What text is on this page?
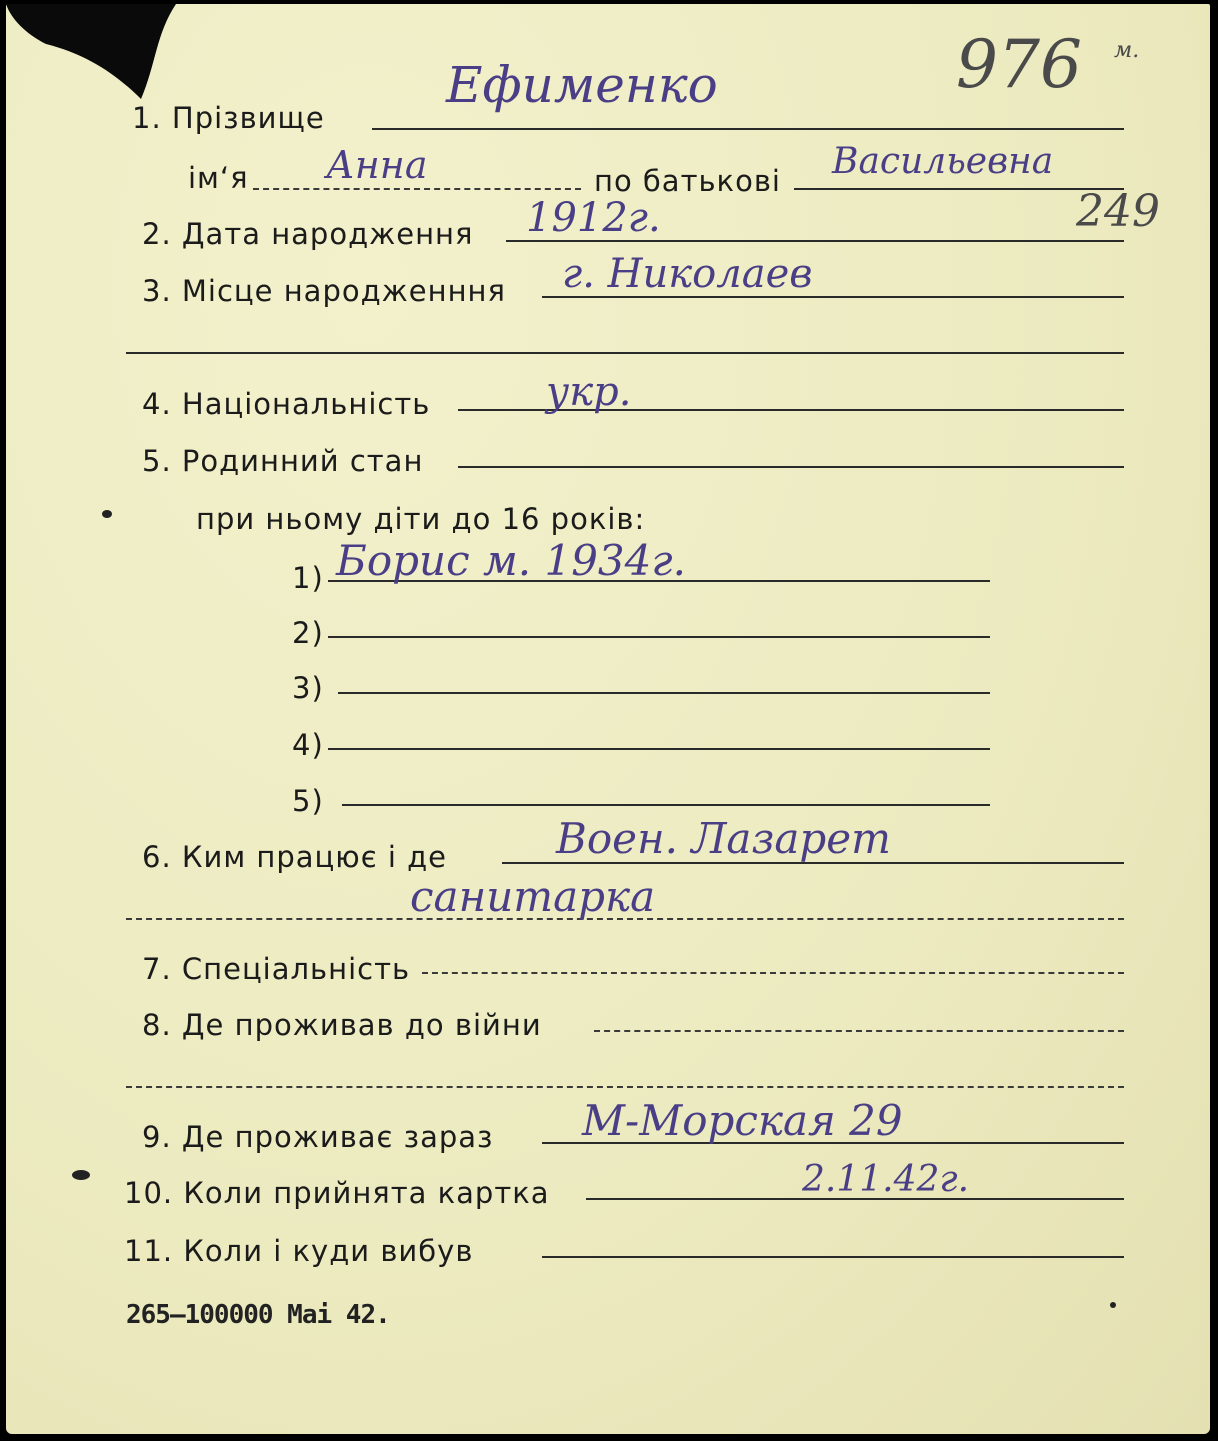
976 м.
249
1. Прізвище
Ефименко
ім‘я Анна	по батькові Васильевна
2. Дата народження 1912г.
3. Місце народженння г. Николаев
4. Національність	укр.
5. Родинний стан
при ньому діти до 16 років:
1) Борис м. 1934г.
2)
3)
4)
5)
6. Ким працює і де	Воен. Лазарет
санитарка
7. Спеціальність
8. Де проживав до війни
9. Де проживає зараз М-Морская 29
10. Коли прийнята картка	2.11.42г.
11. Коли і куди вибув
265–100000 Mai 42.
